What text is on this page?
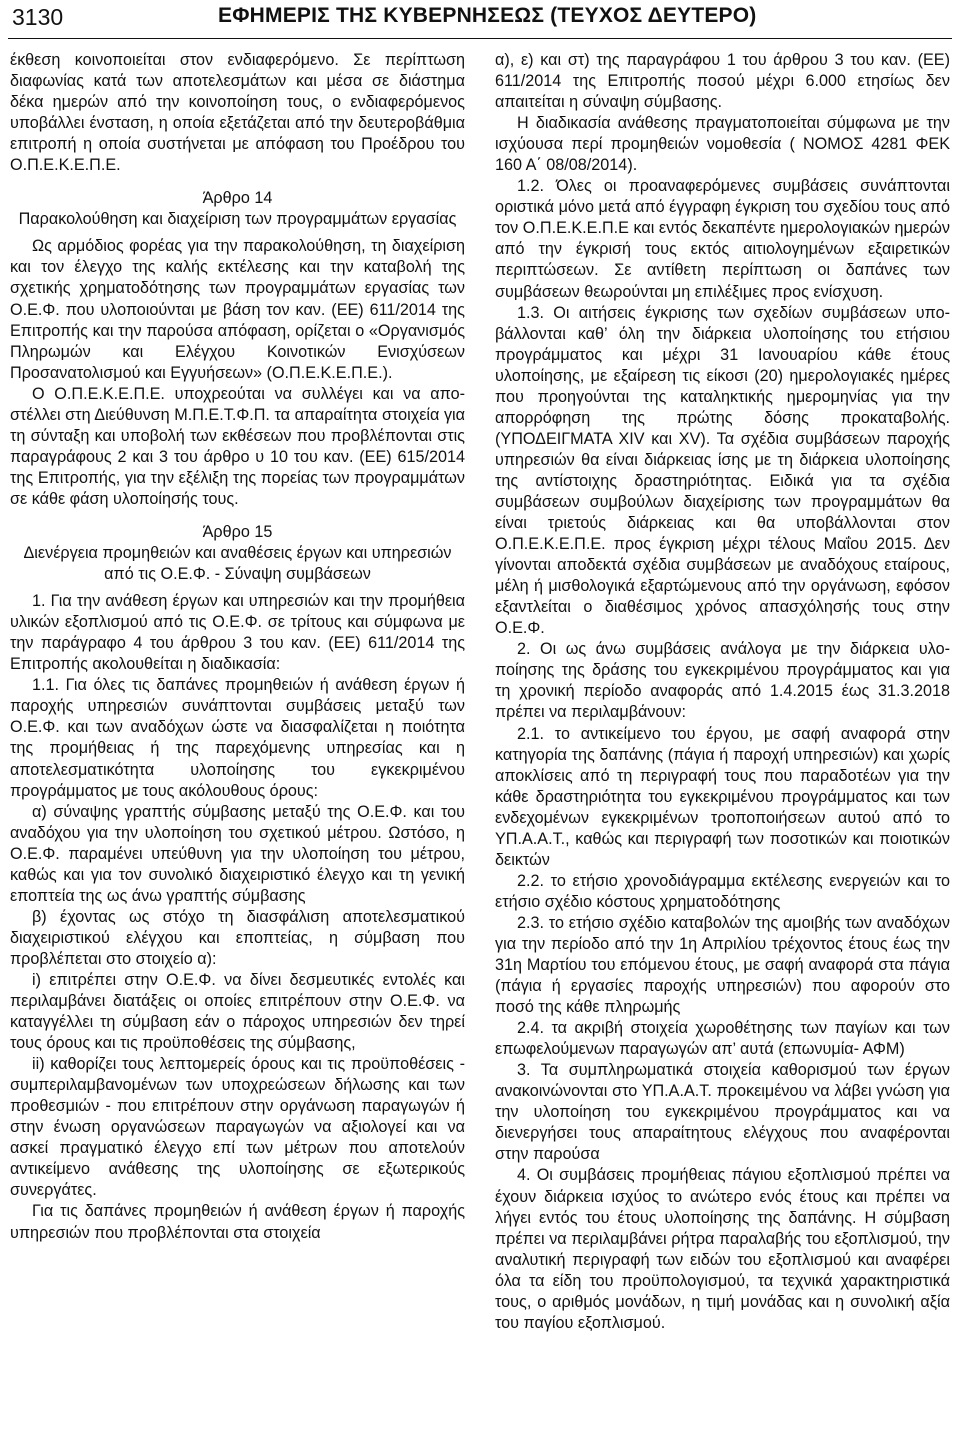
3130	ΕΦΗΜΕΡΙΣ ΤΗΣ ΚΥΒΕΡΝΗΣΕΩΣ (ΤΕΥΧΟΣ ΔΕΥΤΕΡΟ)

έκθεση κοινοποιείται στον ενδιαφερόμενο. Σε περίπτωση διαφωνίας κατά των αποτελεσμάτων και μέσα σε διάστημα δέκα ημερών από την κοινοποίηση τους, ο ενδιαφερόμενος υποβάλλει ένσταση, η οποία εξετάζεται από την δευτεροβάθμια επιτροπή η οποία συστήνεται με απόφαση του Προέδρου του Ο.Π.Ε.Κ.Ε.Π.Ε.

Άρθρο 14

Παρακολούθηση και διαχείριση των προγραμμάτων εργασίας

Ως αρμόδιος φορέας για την παρακολούθηση, τη διαχείριση και τον έλεγχο της καλής εκτέλεσης και την καταβολή της σχετικής χρηματοδότησης των προγραμμάτων εργασίας των Ο.Ε.Φ. που υλοποιούνται με βάση τον καν. (ΕΕ) 611/2014 της Επιτροπής και την παρούσα απόφαση, ορίζεται ο «Οργανισμός Πληρωμών και Ελέγχου Κοινοτικών Ενισχύσεων Προσανατολισμού και Εγγυήσεων» (Ο.Π.Ε.Κ.Ε.Π.Ε.).

Ο Ο.Π.Ε.Κ.Ε.Π.Ε. υποχρεούται να συλλέγει και να αποστέλλει στη Διεύθυνση Μ.Π.Ε.Τ.Φ.Π. τα απαραίτητα στοιχεία για τη σύνταξη και υποβολή των εκθέσεων που προβλέπονται στις παραγράφους 2 και 3 του άρθρο υ 10 του καν. (ΕΕ) 615/2014 της Επιτροπής, για την εξέλιξη της πορείας των προγραμμάτων σε κάθε φάση υλοποίησής τους.

Άρθρο 15

Διενέργεια προμηθειών και αναθέσεις έργων και υπηρεσιών από τις Ο.Ε.Φ. - Σύναψη συμβάσεων

1. Για την ανάθεση έργων και υπηρεσιών και την προμήθεια υλικών εξοπλισμού από τις Ο.Ε.Φ. σε τρίτους και σύμφωνα με την παράγραφο 4 του άρθρου 3 του καν. (ΕΕ) 611/2014 της Επιτροπής ακολουθείται η διαδικασία:

1.1. Για όλες τις δαπάνες προμηθειών ή ανάθεση έργων ή παροχής υπηρεσιών συνάπτονται συμβάσεις μεταξύ των Ο.Ε.Φ. και των αναδόχων ώστε να διασφαλίζεται η ποιότητα της προμήθειας ή της παρεχόμενης υπηρεσίας και η αποτελεσματικότητα υλοποίησης του εγκεκριμένου προγράμματος με τους ακόλουθους όρους:

α) σύναψης γραπτής σύμβασης μεταξύ της Ο.Ε.Φ. και του αναδόχου για την υλοποίηση του σχετικού μέτρου. Ωστόσο, η Ο.Ε.Φ. παραμένει υπεύθυνη για την υλοποίηση του μέτρου, καθώς και για τον συνολικό διαχειριστικό έλεγχο και τη γενική εποπτεία της ως άνω γραπτής σύμβασης

β) έχοντας ως στόχο τη διασφάλιση αποτελεσματικού διαχειριστικού ελέγχου και εποπτείας, η σύμβαση που προβλέπεται στο στοιχείο α):

i) επιτρέπει στην Ο.Ε.Φ. να δίνει δεσμευτικές εντολές και περιλαμβάνει διατάξεις οι οποίες επιτρέπουν στην Ο.Ε.Φ. να καταγγέλλει τη σύμβαση εάν ο πάροχος υπηρεσιών δεν τηρεί τους όρους και τις προϋποθέσεις της σύμβασης,

ii) καθορίζει τους λεπτομερείς όρους και τις προϋποθέσεις - συμπεριλαμβανομένων των υποχρεώσεων δήλωσης και των προθεσμιών - που επιτρέπουν στην οργάνωση παραγωγών ή στην ένωση οργανώσεων παραγωγών να αξιολογεί και να ασκεί πραγματικό έλεγχο επί των μέτρων που αποτελούν αντικείμενο ανάθεσης της υλοποίησης σε εξωτερικούς συνεργάτες.

Για τις δαπάνες προμηθειών ή ανάθεση έργων ή παροχής υπηρεσιών που προβλέπονται στα στοιχεία

α), ε) και στ) της παραγράφου 1 του άρθρου 3 του καν. (ΕΕ) 611/2014 της Επιτροπής ποσού μέχρι 6.000 ετησίως δεν απαιτείται η σύναψη σύμβασης.

Η διαδικασία ανάθεσης πραγματοποιείται σύμφωνα με την ισχύουσα περί προμηθειών νομοθεσία ( ΝΟΜΟΣ 4281 ΦΕΚ 160 Α΄ 08/08/2014).

1.2. Όλες οι προαναφερόμενες συμβάσεις συνάπτονται οριστικά μόνο μετά από έγγραφη έγκριση του σχεδίου τους από τον Ο.Π.Ε.Κ.Ε.Π.Ε και εντός δεκαπέντε ημερολογιακών ημερών από την έγκρισή τους εκτός αιτιολογημένων εξαιρετικών περιπτώσεων. Σε αντίθετη περίπτωση οι δαπάνες των συμβάσεων θεωρούνται μη επιλέξιμες προς ενίσχυση.

1.3. Οι αιτήσεις έγκρισης των σχεδίων συμβάσεων υποβάλλονται καθ’ όλη την διάρκεια υλοποίησης του ετήσιου προγράμματος και μέχρι 31 Ιανουαρίου κάθε έτους υλοποίησης, με εξαίρεση τις είκοσι (20) ημερολογιακές ημέρες που προηγούνται της καταληκτικής ημερομηνίας για την απορρόφηση της πρώτης δόσης προκαταβολής. (ΥΠΟΔΕΙΓΜΑΤΑ XIV και XV). Τα σχέδια συμβάσεων παροχής υπηρεσιών θα είναι διάρκειας ίσης με τη διάρκεια υλοποίησης της αντίστοιχης δραστηριότητας. Ειδικά για τα σχέδια συμβάσεων συμβούλων διαχείρισης των προγραμμάτων θα είναι τριετούς διάρκειας και θα υποβάλλονται στον Ο.Π.Ε.Κ.Ε.Π.Ε. προς έγκριση μέχρι τέλους Μαΐου 2015. Δεν γίνονται αποδεκτά σχέδια συμβάσεων με αναδόχους εταίρους, μέλη ή μισθολογικά εξαρτώμενους από την οργάνωση, εφόσον εξαντλείται ο διαθέσιμος χρόνος απασχόλησής τους στην Ο.Ε.Φ.

2. Οι ως άνω συμβάσεις ανάλογα με την διάρκεια υλοποίησης της δράσης του εγκεκριμένου προγράμματος και για τη χρονική περίοδο αναφοράς από 1.4.2015 έως 31.3.2018 πρέπει να περιλαμβάνουν:

2.1. το αντικείμενο του έργου, με σαφή αναφορά στην κατηγορία της δαπάνης (πάγια ή παροχή υπηρεσιών) και χωρίς αποκλίσεις από τη περιγραφή τους που παραδοτέων για την κάθε δραστηριότητα του εγκεκριμένου προγράμματος και των ενδεχομένων εγκεκριμένων τροποποιήσεων αυτού από το ΥΠ.Α.Α.Τ., καθώς και περιγραφή των ποσοτικών και ποιοτικών δεικτών

2.2. το ετήσιο χρονοδιάγραμμα εκτέλεσης ενεργειών και το ετήσιο σχέδιο κόστους χρηματοδότησης

2.3. το ετήσιο σχέδιο καταβολών της αμοιβής των αναδόχων για την περίοδο από την 1η Απριλίου τρέχοντος έτους έως την 31η Μαρτίου του επόμενου έτους, με σαφή αναφορά στα πάγια (πάγια ή εργασίες παροχής υπηρεσιών) που αφορούν στο ποσό της κάθε πληρωμής

2.4. τα ακριβή στοιχεία χωροθέτησης των παγίων και των επωφελούμενων παραγωγών απ’ αυτά (επωνυμία- ΑΦΜ)

3. Τα συμπληρωματικά στοιχεία καθορισμού των έργων ανακοινώνονται στο ΥΠ.Α.Α.Τ. προκειμένου να λάβει γνώση για την υλοποίηση του εγκεκριμένου προγράμματος και να διενεργήσει τους απαραίτητους ελέγχους που αναφέρονται στην παρούσα

4. Οι συμβάσεις προμήθειας πάγιου εξοπλισμού πρέπει να έχουν διάρκεια ισχύος το ανώτερο ενός έτους και πρέπει να λήγει εντός του έτους υλοποίησης της δαπάνης. Η σύμβαση πρέπει να περιλαμβάνει ρήτρα παραλαβής του εξοπλισμού, την αναλυτική περιγραφή των ειδών του εξοπλισμού και αναφέρει όλα τα είδη του προϋπολογισμού, τα τεχνικά χαρακτηριστικά τους, ο αριθμός μονάδων, η τιμή μονάδας και η συνολική αξία του παγίου εξοπλισμού.
